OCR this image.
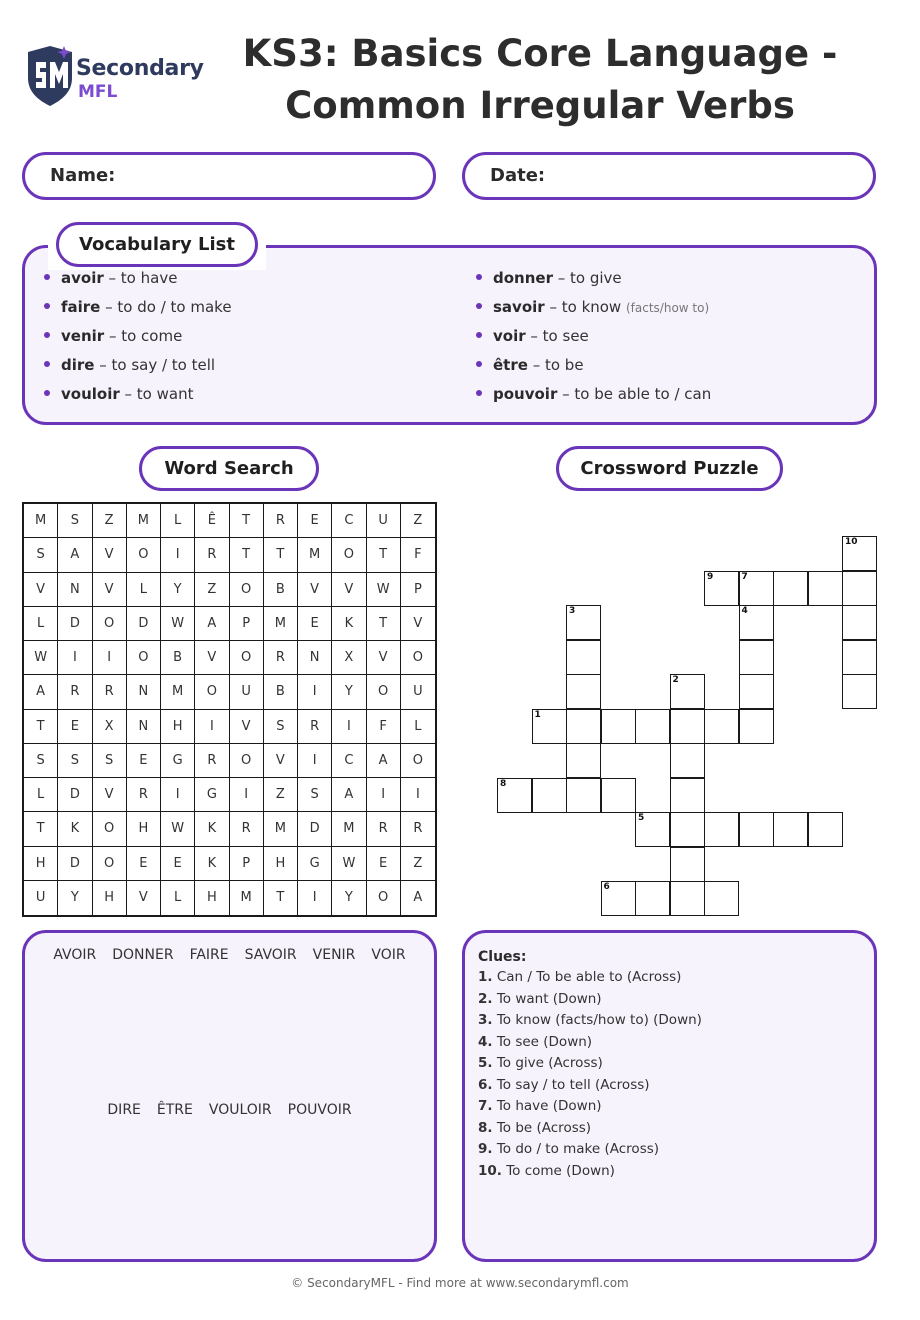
Secondary
MFL
KS3: Basics Core Language -
Common Irregular Verbs
Name:	Date:
Vocabulary List
avoir – to have
faire – to do / to make
venir – to come
dire – to say / to tell
vouloir – to want
donner – to give
savoir – to know (facts/how to)
voir – to see
être – to be
pouvoir – to be able to / can
Word Search	Crossword Puzzle
M	S	Z	M	L	Ê	T	R	E	C	U	Z
S	A	V	O	I	R	T	T	M	O	T	F
V	N	V	L	Y	Z	O	B	V	V	W	P
L	D	O	D	W	A	P	M	E	K	T	V
W	I	I	O	B	V	O	R	N	X	V	O
A	R	R	N	M	O	U	B	I	Y	O	U
T	E	X	N	H	I	V	S	R	I	F	L
S	S	S	E	G	R	O	V	I	C	A	O
L	D	V	R	I	G	I	Z	S	A	I	I
T	K	O	H	W	K	R	M	D	M	R	R
H	D	O	E	E	K	P	H	G	W	E	Z
U	Y	H	V	L	H	M	T	I	Y	O	A
10
9	7
3	4
2
1
8
5
6
AVOIR DONNER FAIRE SAVOIR VENIR VOIR
DIRE ÊTRE VOULOIR POUVOIR
Clues:
1. Can / To be able to (Across)
2. To want (Down)
3. To know (facts/how to) (Down)
4. To see (Down)
5. To give (Across)
6. To say / to tell (Across)
7. To have (Down)
8. To be (Across)
9. To do / to make (Across)
10. To come (Down)
© SecondaryMFL - Find more at www.secondarymfl.com
